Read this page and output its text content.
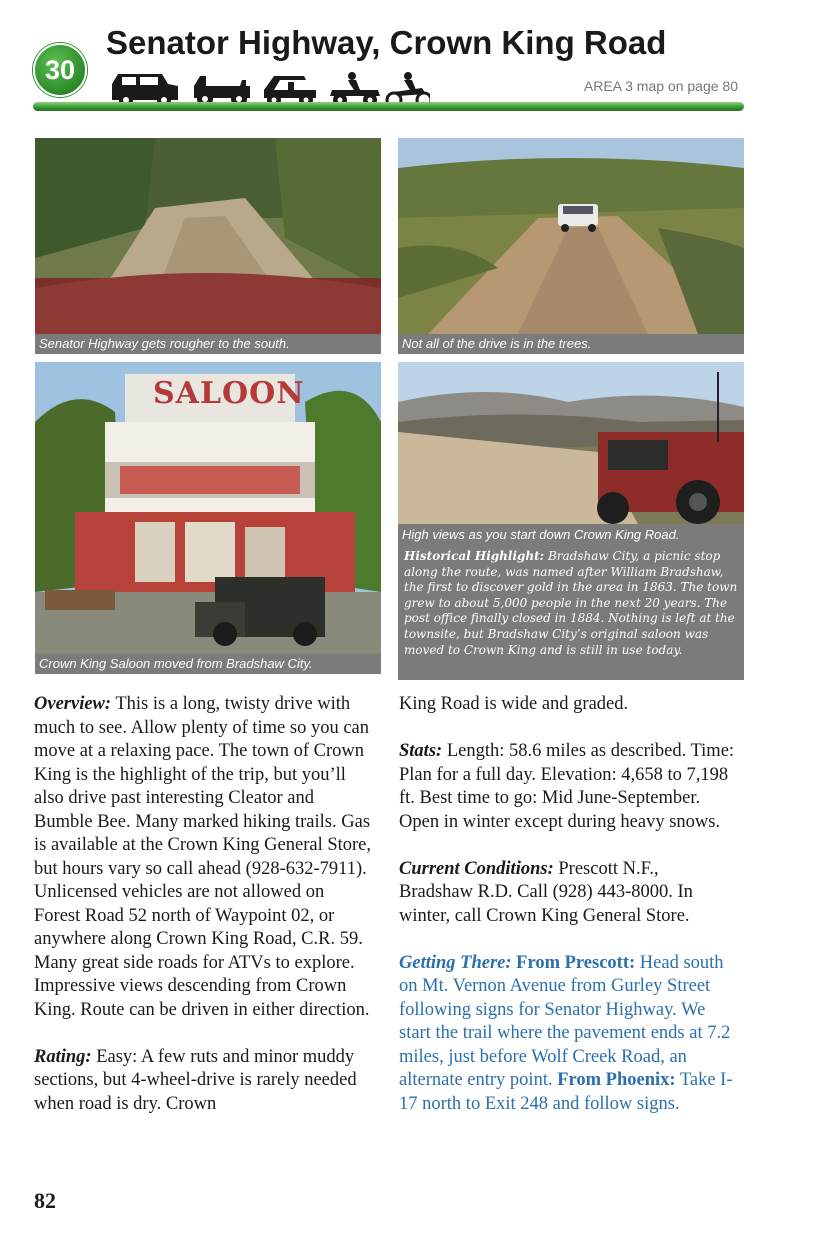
30
Senator Highway, Crown King Road
AREA 3 map on page 80
Senator Highway gets rougher to the south.	Not all of the drive is in the trees.
SALOON
Crown King Saloon moved from Bradshaw City.
High views as you start down Crown King Road.
Historical Highlight: Bradshaw City, a picnic stop along the route, was named after William Bradshaw, the first to discover gold in the area in 1863. The town grew to about 5,000 people in the next 20 years. The post office finally closed in 1884. Nothing is left at the townsite, but Bradshaw City’s original saloon was moved to Crown King and is still in use today.

Overview: This is a long, twisty drive with much to see. Allow plenty of time so you can move at a relaxing pace. The town of Crown King is the highlight of the trip, but you’ll also drive past interesting Cleator and Bumble Bee. Many marked hiking trails. Gas is available at the Crown King General Store, but hours vary so call ahead (928-632-7911). Unlicensed vehicles are not allowed on Forest Road 52 north of Waypoint 02, or anywhere along Crown King Road, C.R. 59. Many great side roads for ATVs to explore. Impressive views descending from Crown King. Route can be driven in either direction.

Rating: Easy: A few ruts and minor muddy sections, but 4-wheel-drive is rarely needed when road is dry. Crown

King Road is wide and graded.

Stats: Length: 58.6 miles as described. Time: Plan for a full day. Elevation: 4,658 to 7,198 ft. Best time to go: Mid June-September. Open in winter except during heavy snows.

Current Conditions: Prescott N.F., Bradshaw R.D. Call (928) 443-8000. In winter, call Crown King General Store.

Getting There: From Prescott: Head south on Mt. Vernon Avenue from Gurley Street following signs for Senator Highway. We start the trail where the pavement ends at 7.2 miles, just before Wolf Creek Road, an alternate entry point. From Phoenix: Take I-17 north to Exit 248 and follow signs.

82
